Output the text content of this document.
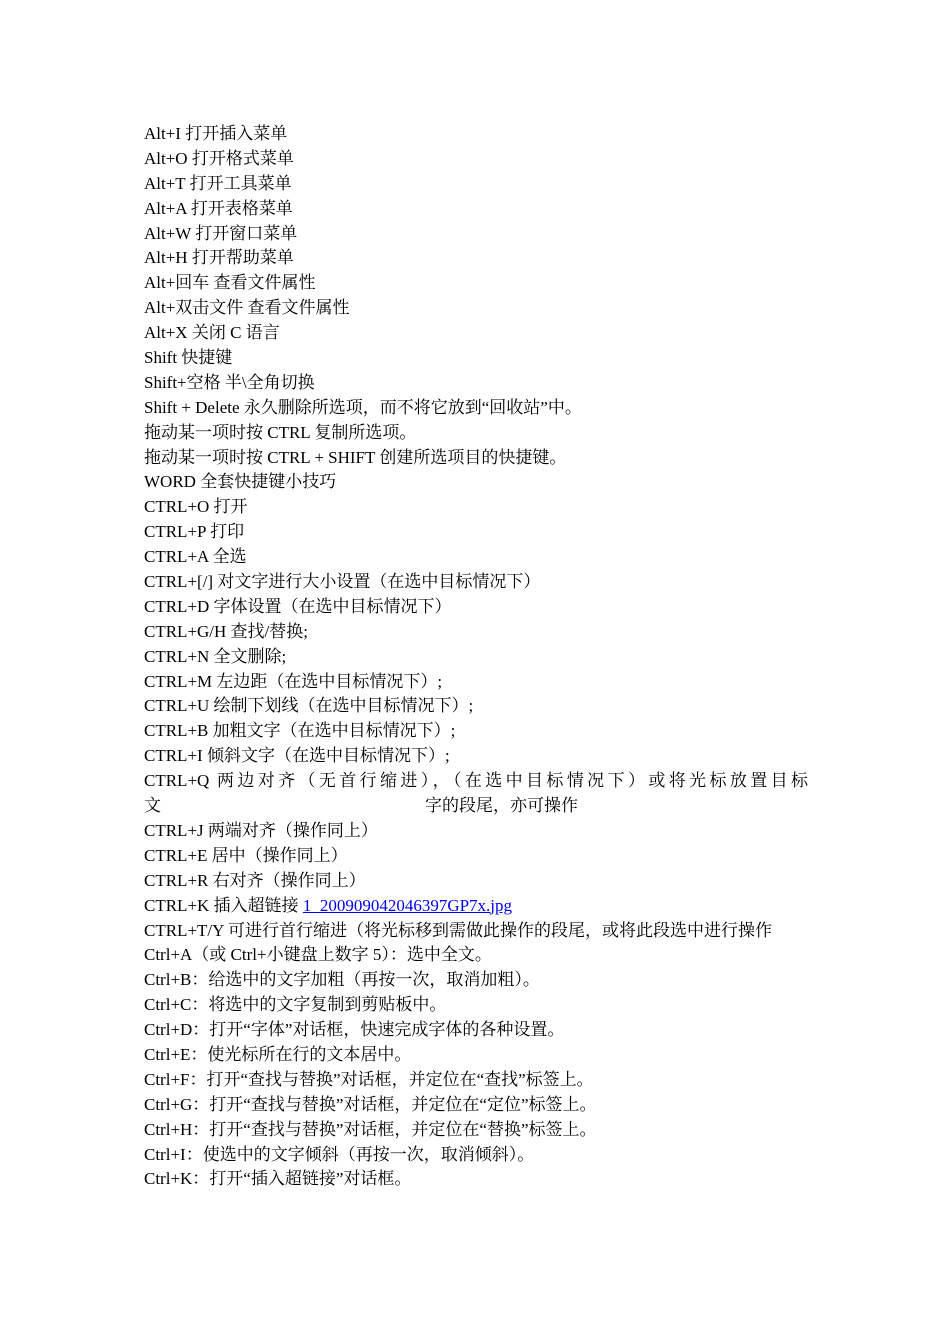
Alt+I 打开插入菜单
Alt+O 打开格式菜单
Alt+T 打开工具菜单
Alt+A 打开表格菜单
Alt+W 打开窗口菜单
Alt+H 打开帮助菜单
Alt+回车 查看文件属性
Alt+双击文件 查看文件属性
Alt+X 关闭 C 语言
Shift 快捷键
Shift+空格 半\全角切换
Shift + Delete 永久删除所选项，而不将它放到“回收站”中。
拖动某一项时按 CTRL 复制所选项。
拖动某一项时按 CTRL + SHIFT 创建所选项目的快捷键。
WORD 全套快捷键小技巧
CTRL+O 打开
CTRL+P 打印
CTRL+A 全选
CTRL+[/] 对文字进行大小设置（在选中目标情况下）
CTRL+D 字体设置（在选中目标情况下）
CTRL+G/H 查找/替换;
CTRL+N 全文删除;
CTRL+M 左边距（在选中目标情况下）;
CTRL+U 绘制下划线（在选中目标情况下）;
CTRL+B 加粗文字（在选中目标情况下）;
CTRL+I 倾斜文字（在选中目标情况下）;
CTRL+Q 两边对齐（无首行缩进），（在选中目标情况下）或将光标放置目标
文	字的段尾，亦可操作
CTRL+J 两端对齐（操作同上）
CTRL+E 居中（操作同上）
CTRL+R 右对齐（操作同上）
CTRL+K 插入超链接 1_200909042046397GP7x.jpg
CTRL+T/Y 可进行首行缩进（将光标移到需做此操作的段尾，或将此段选中进行操作
Ctrl+A（或 Ctrl+小键盘上数字 5）：选中全文。
Ctrl+B：给选中的文字加粗（再按一次，取消加粗）。
Ctrl+C：将选中的文字复制到剪贴板中。
Ctrl+D：打开“字体”对话框，快速完成字体的各种设置。
Ctrl+E：使光标所在行的文本居中。
Ctrl+F：打开“查找与替换”对话框，并定位在“查找”标签上。
Ctrl+G：打开“查找与替换”对话框，并定位在“定位”标签上。
Ctrl+H：打开“查找与替换”对话框，并定位在“替换”标签上。
Ctrl+I：使选中的文字倾斜（再按一次，取消倾斜）。
Ctrl+K：打开“插入超链接”对话框。
